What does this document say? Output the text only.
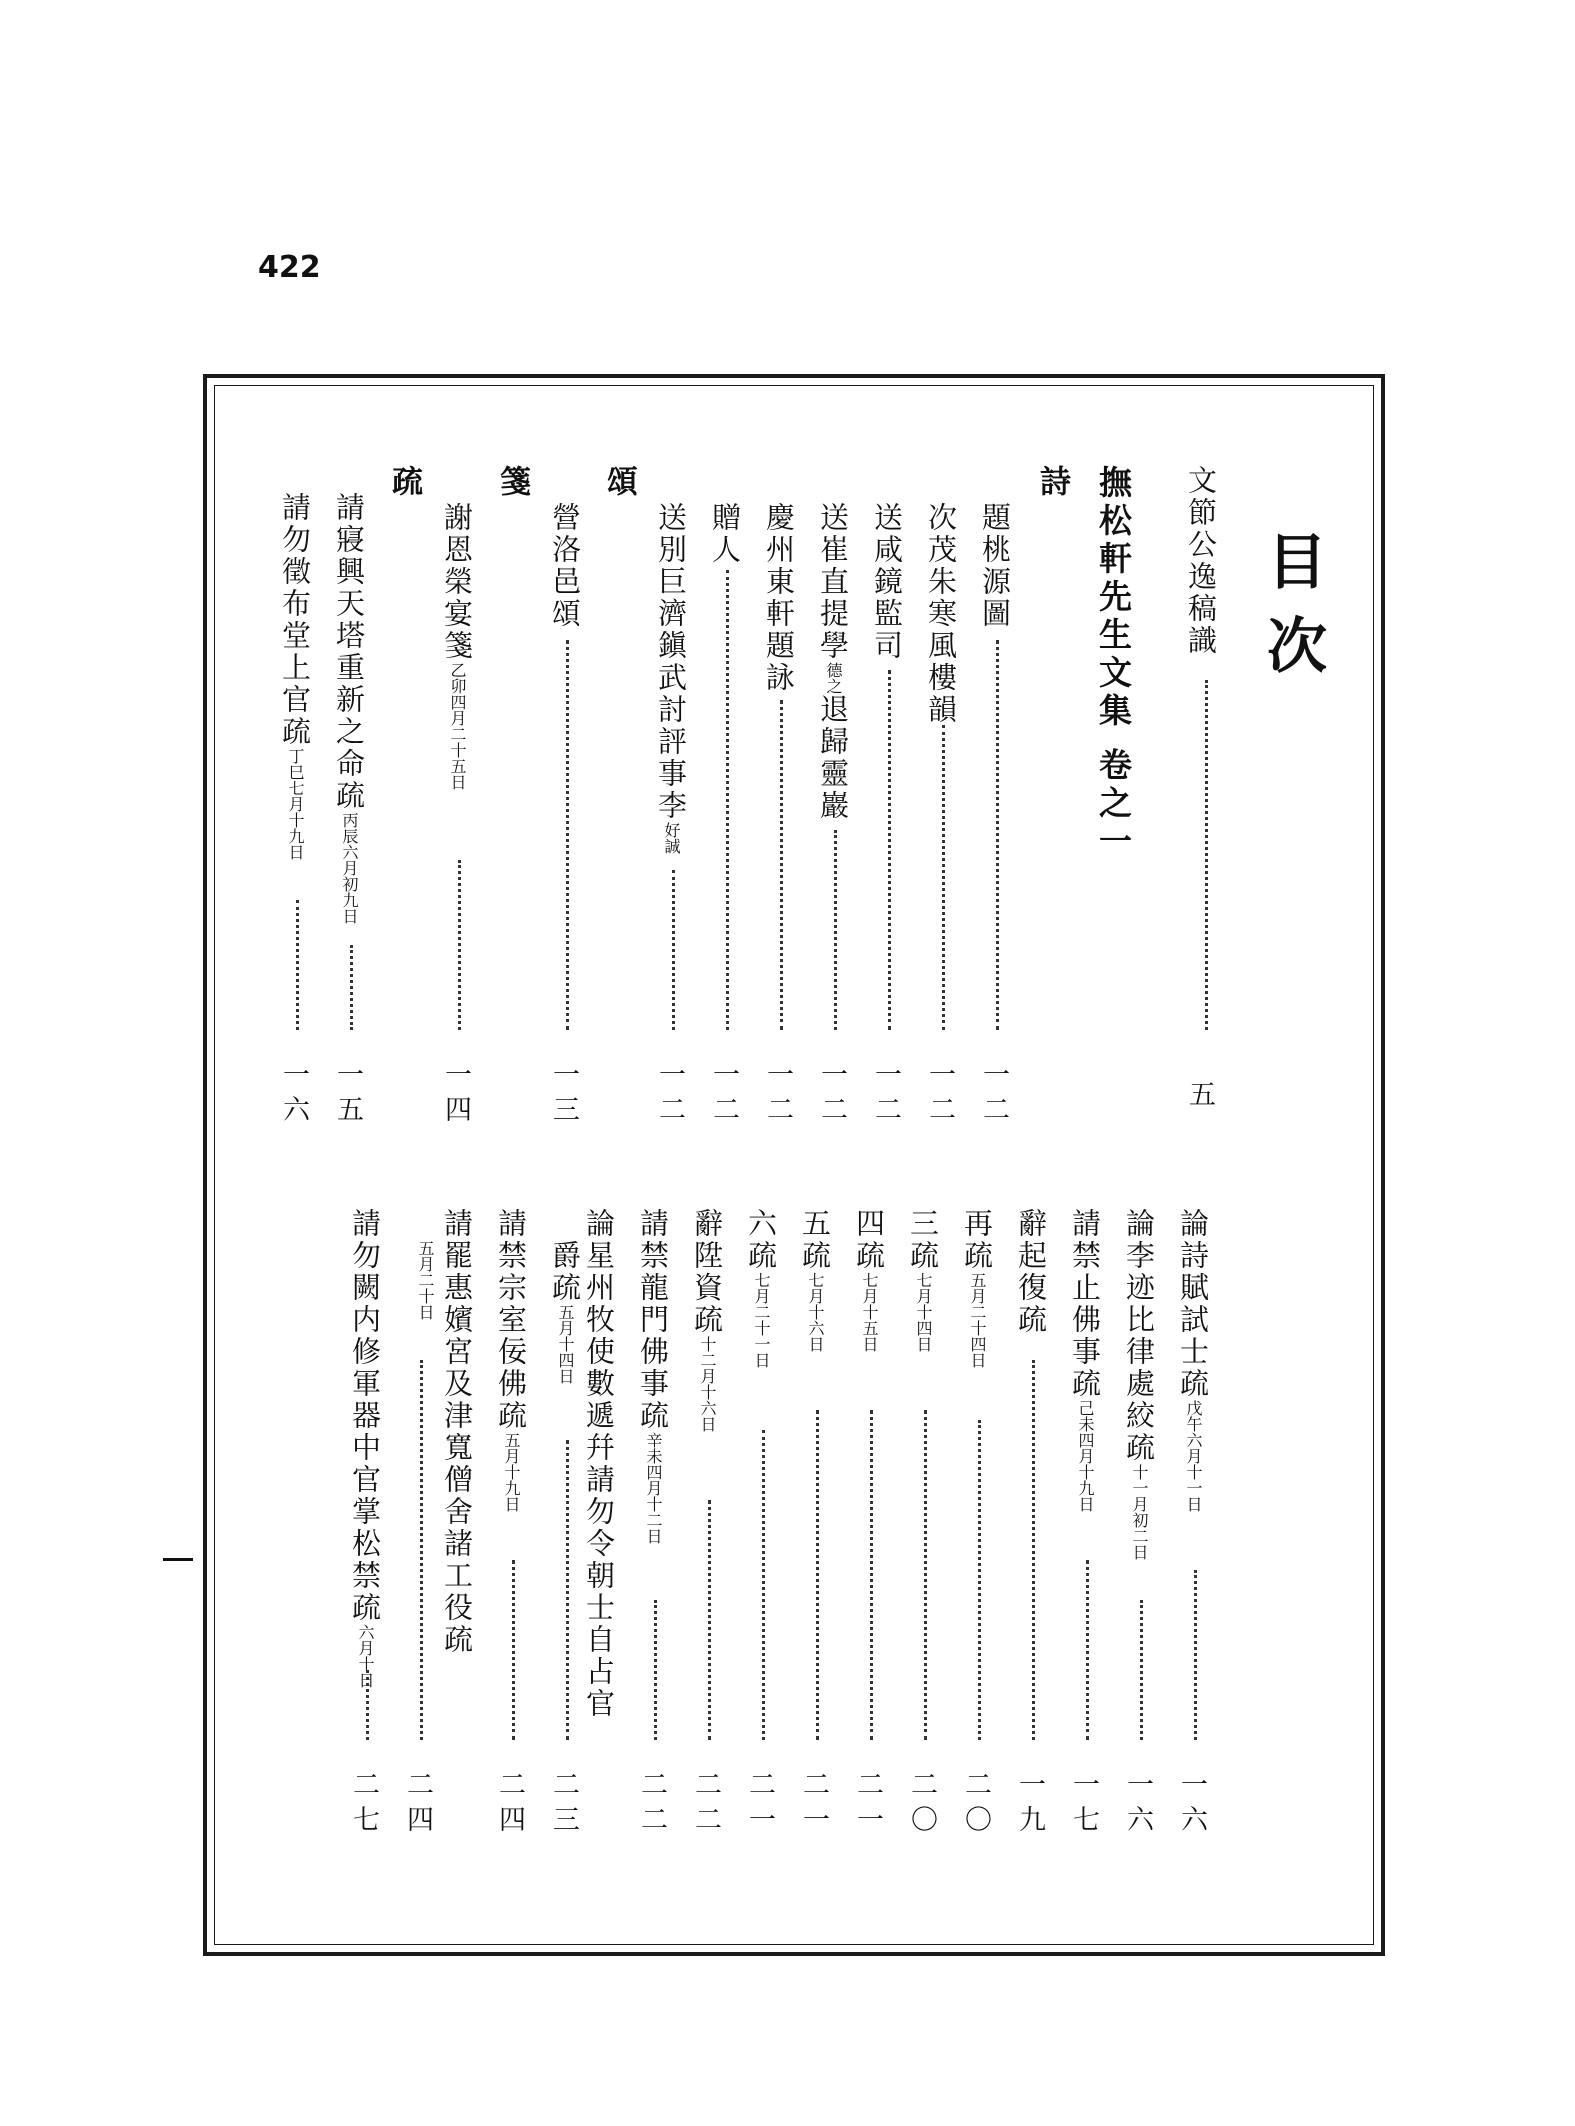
422
目次
文節公逸稿識
五
撫松軒先生文集 卷之一
詩
題桃源圖
一二
次茂朱寒風樓韻
一二
送咸鏡監司
一二
送崔直提學德之退歸靈巖
一二
慶州東軒題詠
一二
贈人
一二
送別巨濟鎭武討評事李好誠
一二
頌
營洛邑頌
一三
箋
謝恩榮宴箋乙卯四月二十五日
一四
疏
請寢興天塔重新之命疏丙辰六月初九日
一五
請勿徵布堂上官疏丁巳七月十九日
一六
論詩賦試士疏戊午六月十一日
一六
論李迹比律處絞疏十一月初二日
一六
請禁止佛事疏己未四月十九日
一七
辭起復疏
一九
再疏五月二十四日
二〇
三疏七月十四日
二〇
四疏七月十五日
二一
五疏七月十六日
二一
六疏七月二十一日
二一
辭陞資疏十二月十六日
二二
請禁龍門佛事疏辛未四月十二日
二二
論星州牧使數遞幷請勿令朝士自占官
爵疏五月十四日
二三
請禁宗室佞佛疏五月十九日
二四
請罷惠嬪宮及津寬僧舍諸工役疏
五月二十日
二四
請勿闕内修軍器中官掌松禁疏六月十日
二七
